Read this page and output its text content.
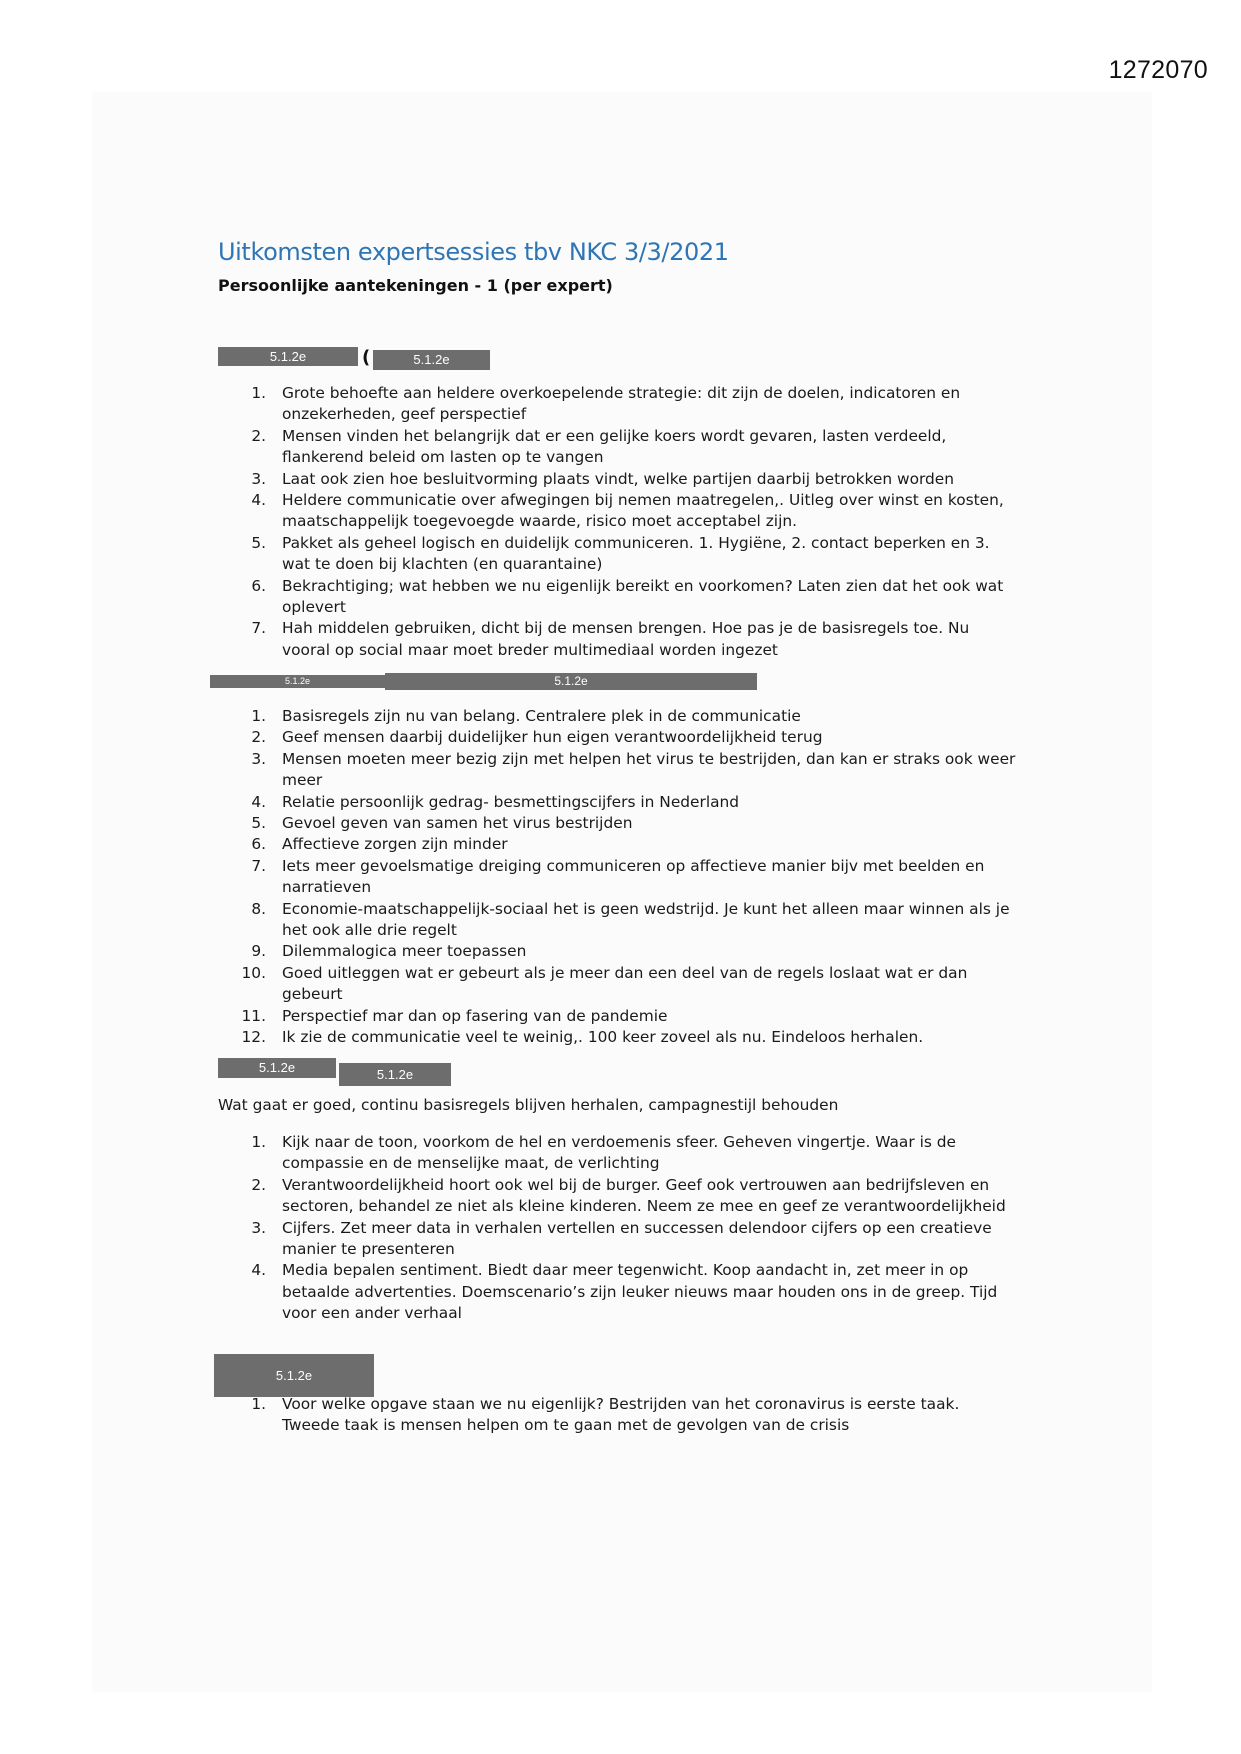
1272070
Uitkomsten expertsessies tbv NKC 3/3/2021
Persoonlijke aantekeningen - 1 (per expert)
5.1.2e	(	5.1.2e
1. Grote behoefte aan heldere overkoepelende strategie: dit zijn de doelen, indicatoren en onzekerheden, geef perspectief
2. Mensen vinden het belangrijk dat er een gelijke koers wordt gevaren, lasten verdeeld, flankerend beleid om lasten op te vangen
3. Laat ook zien hoe besluitvorming plaats vindt, welke partijen daarbij betrokken worden
4. Heldere communicatie over afwegingen bij nemen maatregelen,. Uitleg over winst en kosten, maatschappelijk toegevoegde waarde, risico moet acceptabel zijn.
5. Pakket als geheel logisch en duidelijk communiceren. 1. Hygiëne, 2. contact beperken en 3. wat te doen bij klachten (en quarantaine)
6. Bekrachtiging; wat hebben we nu eigenlijk bereikt en voorkomen? Laten zien dat het ook wat oplevert
7. Hah middelen gebruiken, dicht bij de mensen brengen. Hoe pas je de basisregels toe. Nu vooral op social maar moet breder multimediaal worden ingezet
5.1.2e	5.1.2e
1. Basisregels zijn nu van belang. Centralere plek in de communicatie
2. Geef mensen daarbij duidelijker hun eigen verantwoordelijkheid terug
3. Mensen moeten meer bezig zijn met helpen het virus te bestrijden, dan kan er straks ook weer meer
4. Relatie persoonlijk gedrag- besmettingscijfers in Nederland
5. Gevoel geven van samen het virus bestrijden
6. Affectieve zorgen zijn minder
7. Iets meer gevoelsmatige dreiging communiceren op affectieve manier bijv met beelden en narratieven
8. Economie-maatschappelijk-sociaal het is geen wedstrijd. Je kunt het alleen maar winnen als je het ook alle drie regelt
9. Dilemmalogica meer toepassen
10. Goed uitleggen wat er gebeurt als je meer dan een deel van de regels loslaat wat er dan gebeurt
11. Perspectief mar dan op fasering van de pandemie
12. Ik zie de communicatie veel te weinig,. 100 keer zoveel als nu. Eindeloos herhalen.
5.1.2e	5.1.2e
Wat gaat er goed, continu basisregels blijven herhalen, campagnestijl behouden
1. Kijk naar de toon, voorkom de hel en verdoemenis sfeer. Geheven vingertje. Waar is de compassie en de menselijke maat, de verlichting
2. Verantwoordelijkheid hoort ook wel bij de burger. Geef ook vertrouwen aan bedrijfsleven en sectoren, behandel ze niet als kleine kinderen. Neem ze mee en geef ze verantwoordelijkheid
3. Cijfers. Zet meer data in verhalen vertellen en successen delendoor cijfers op een creatieve manier te presenteren
4. Media bepalen sentiment. Biedt daar meer tegenwicht. Koop aandacht in, zet meer in op betaalde advertenties. Doemscenario’s zijn leuker nieuws maar houden ons in de greep. Tijd voor een ander verhaal
5.1.2e
1. Voor welke opgave staan we nu eigenlijk? Bestrijden van het coronavirus is eerste taak. Tweede taak is mensen helpen om te gaan met de gevolgen van de crisis
